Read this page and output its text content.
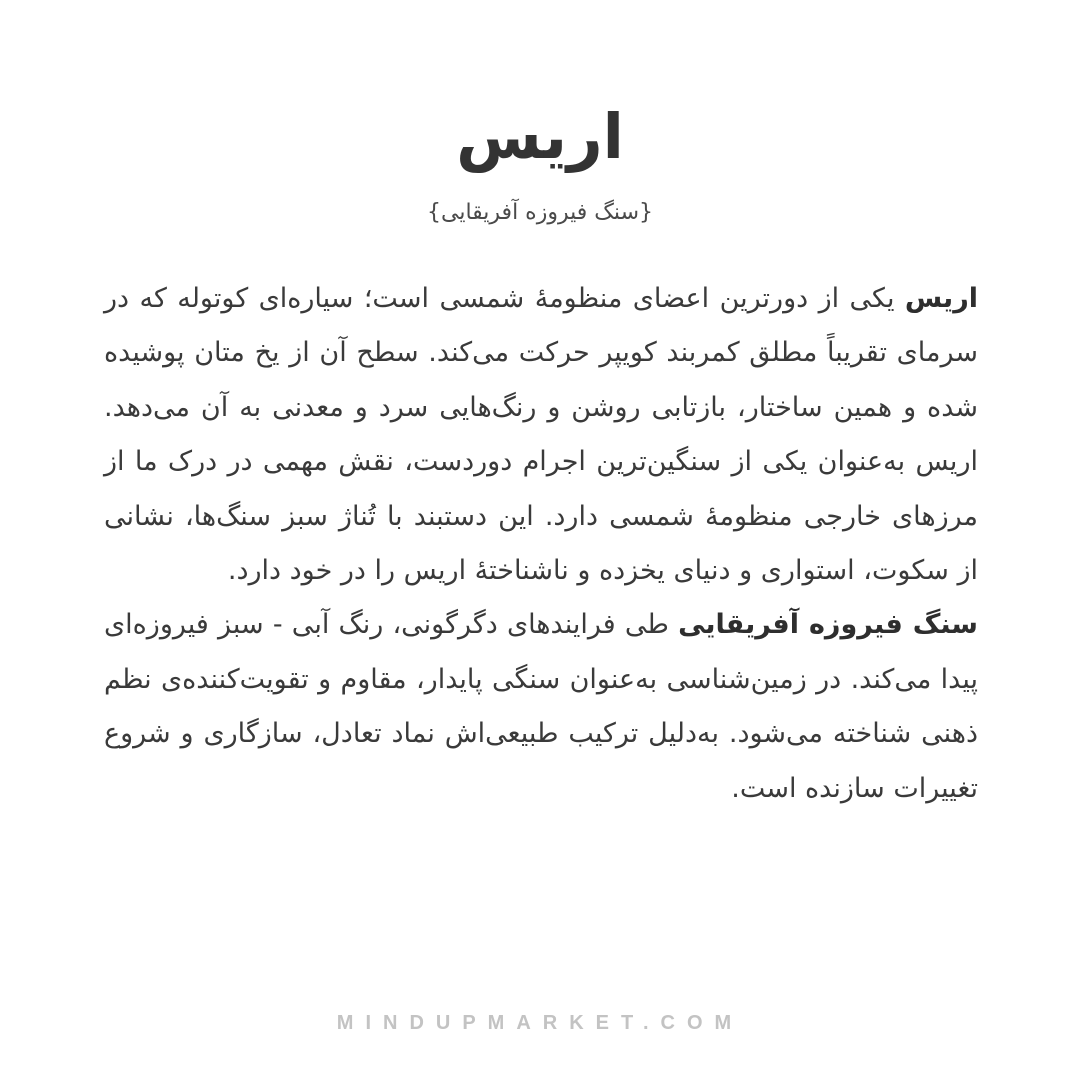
اریس
{سنگ فیروزه آفریقایی}

اریس یکی از دورترین اعضای منظومهٔ شمسی است؛ سیاره‌ای کوتوله که در سرمای تقریباً مطلق کمربند کویپر حرکت می‌کند. سطح آن از یخ متان پوشیده شده و همین ساختار، بازتابی روشن و رنگ‌هایی سرد و معدنی به آن می‌دهد. اریس به‌عنوان یکی از سنگین‌ترین اجرام دوردست، نقش مهمی در درک ما از مرزهای خارجی منظومهٔ شمسی دارد. این دستبند با تُناژ سبز سنگ‌ها، نشانی از سکوت، استواری و دنیای یخزده و ناشناختهٔ اریس را در خود دارد.

سنگ فیروزه آفریقایی طی فرایندهای دگرگونی، رنگ آبی - سبز فیروزه‌ای پیدا می‌کند. در زمین‌شناسی به‌عنوان سنگی پایدار، مقاوم و تقویت‌کننده‌ی نظم ذهنی شناخته می‌شود. به‌دلیل ترکیب طبیعی‌اش نماد تعادل، سازگاری و شروع تغییرات سازنده است.

MINDUPMARKET.COM
